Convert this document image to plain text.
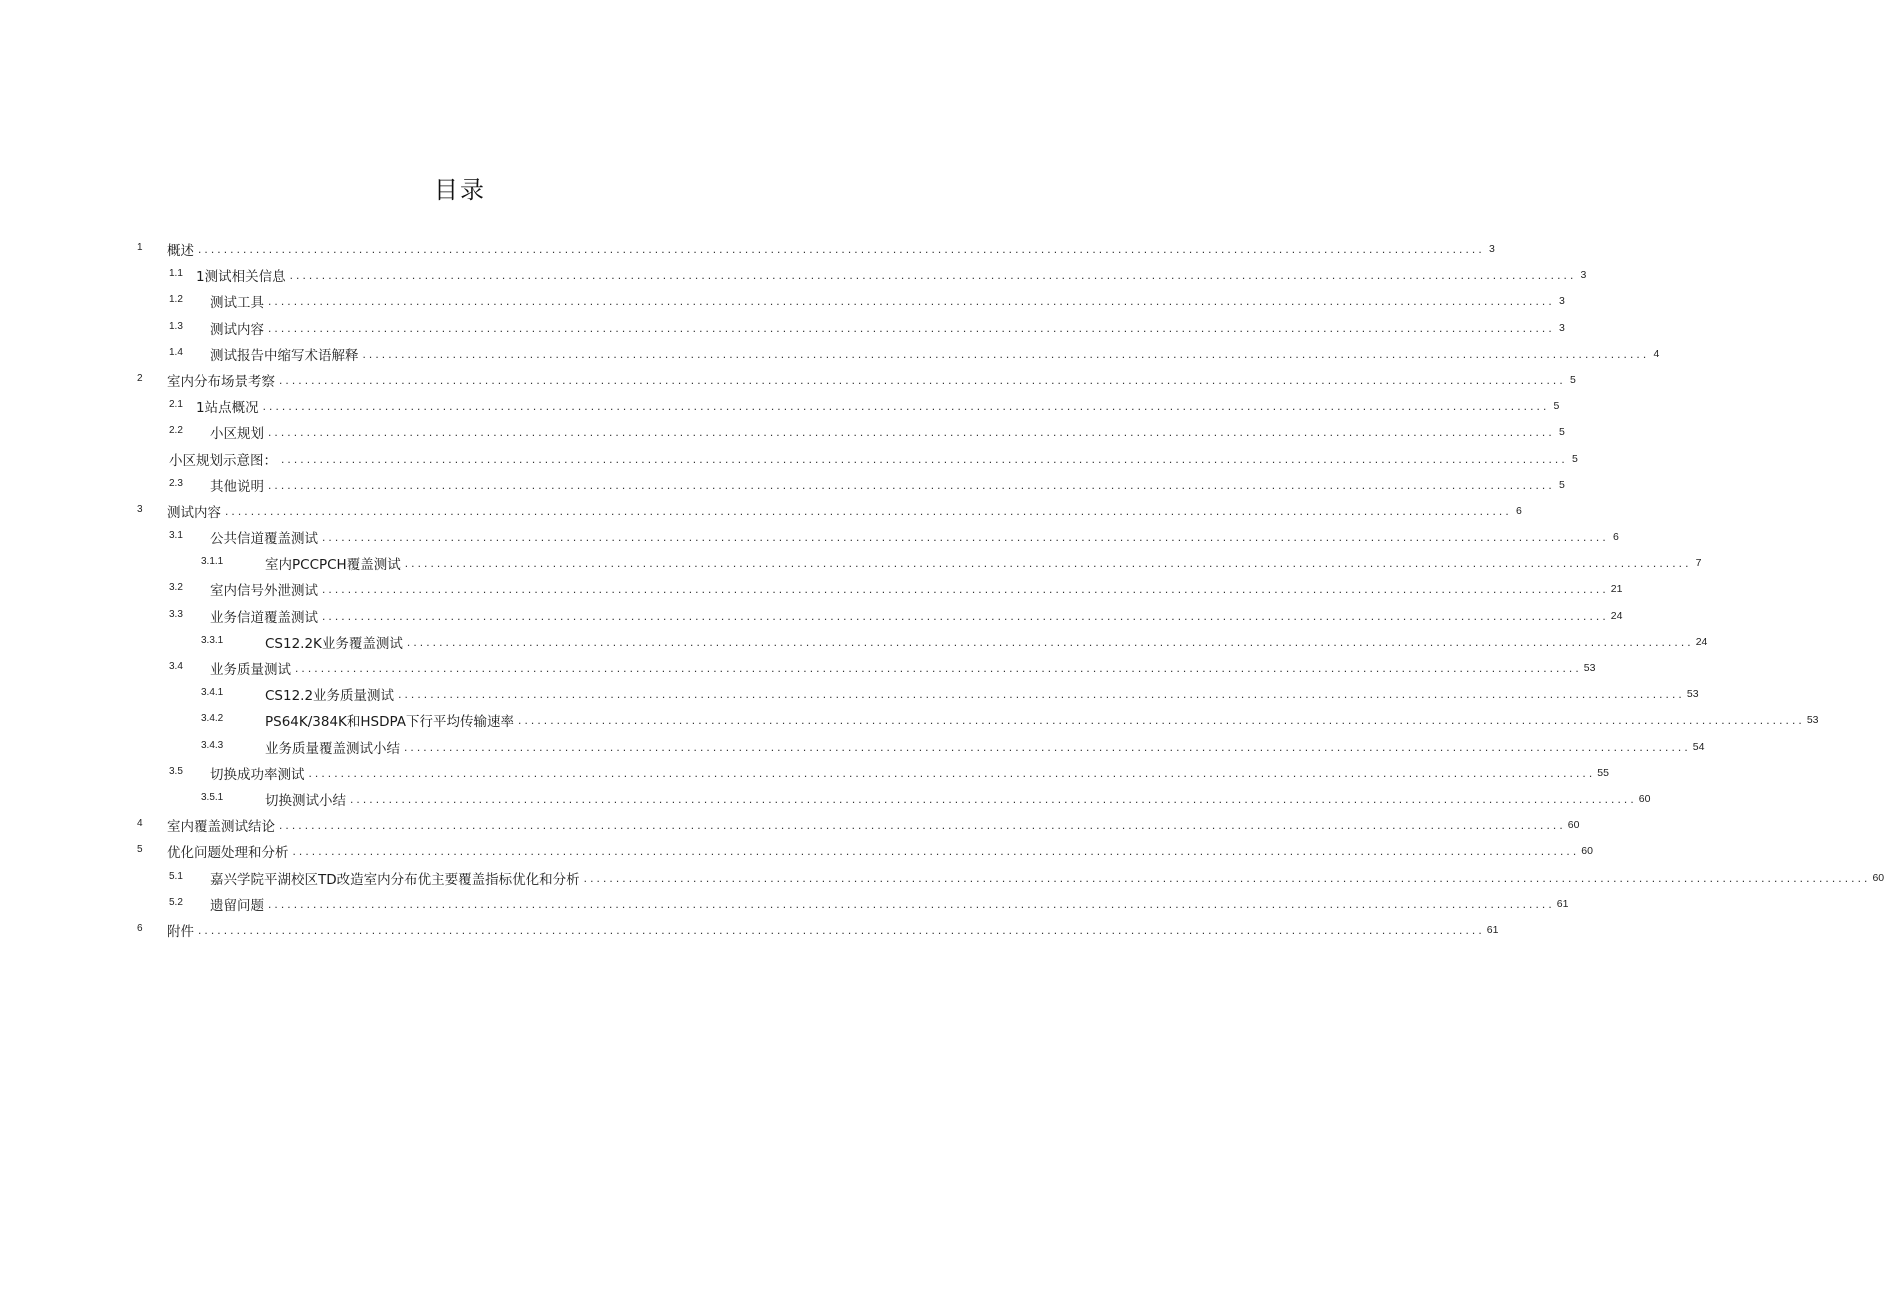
目录
1 概述 ........................................................................................................................................................................................................ 3
1.1 1测试相关信息 ........................................................................................................................................................................................................ 3
1.2 测试工具 ........................................................................................................................................................................................................ 3
1.3 测试内容 ........................................................................................................................................................................................................ 3
1.4 测试报告中缩写术语解释 ........................................................................................................................................................................................................ 4
2 室内分布场景考察 ........................................................................................................................................................................................................ 5
2.1 1站点概况 ........................................................................................................................................................................................................ 5
2.2 小区规划 ........................................................................................................................................................................................................ 5
小区规划示意图： ........................................................................................................................................................................................................ 5
2.3 其他说明 ........................................................................................................................................................................................................ 5
3 测试内容 ........................................................................................................................................................................................................ 6
3.1 公共信道覆盖测试 ........................................................................................................................................................................................................ 6
3.1.1	室内PCCPCH覆盖测试 ........................................................................................................................................................................................................ 7
3.2 室内信号外泄测试 ........................................................................................................................................................................................................ 21
3.3 业务信道覆盖测试 ........................................................................................................................................................................................................ 24
3.3.1	CS12.2K业务覆盖测试 ........................................................................................................................................................................................................ 24
3.4 业务质量测试 ........................................................................................................................................................................................................ 53
3.4.1	CS12.2业务质量测试 ........................................................................................................................................................................................................ 53
3.4.2	PS64K/384K和HSDPA下行平均传输速率 ........................................................................................................................................................................................................ 53
3.4.3	业务质量覆盖测试小结 ........................................................................................................................................................................................................ 54
3.5 切换成功率测试 ........................................................................................................................................................................................................ 55
3.5.1	切换测试小结 ........................................................................................................................................................................................................ 60
4 室内覆盖测试结论 ........................................................................................................................................................................................................ 60
5 优化问题处理和分析 ........................................................................................................................................................................................................ 60
5.1 嘉兴学院平湖校区TD改造室内分布优主要覆盖指标优化和分析 ........................................................................................................................................................................................................ 60
5.2 遗留问题 ........................................................................................................................................................................................................ 61
6 附件 ........................................................................................................................................................................................................ 61
